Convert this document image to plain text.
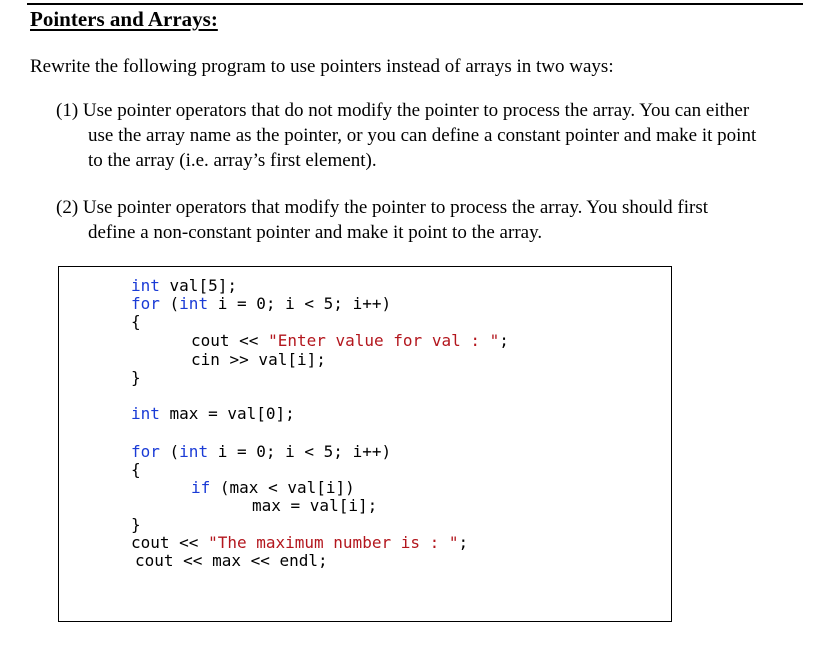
Pointers and Arrays:

Rewrite the following program to use pointers instead of arrays in two ways:

(1) Use pointer operators that do not modify the pointer to process the array. You can either
use the array name as the pointer, or you can define a constant pointer and make it point
to the array (i.e. array’s first element).
(2) Use pointer operators that modify the pointer to process the array. You should first
define a non-constant pointer and make it point to the array.
int val[5];
for (int i = 0; i < 5; i++)
{
cout << "Enter value for val : ";
cin >> val[i];
}
int max = val[0];
for (int i = 0; i < 5; i++)
{
if (max < val[i])
max = val[i];
}
cout << "The maximum number is : ";
cout << max << endl;
